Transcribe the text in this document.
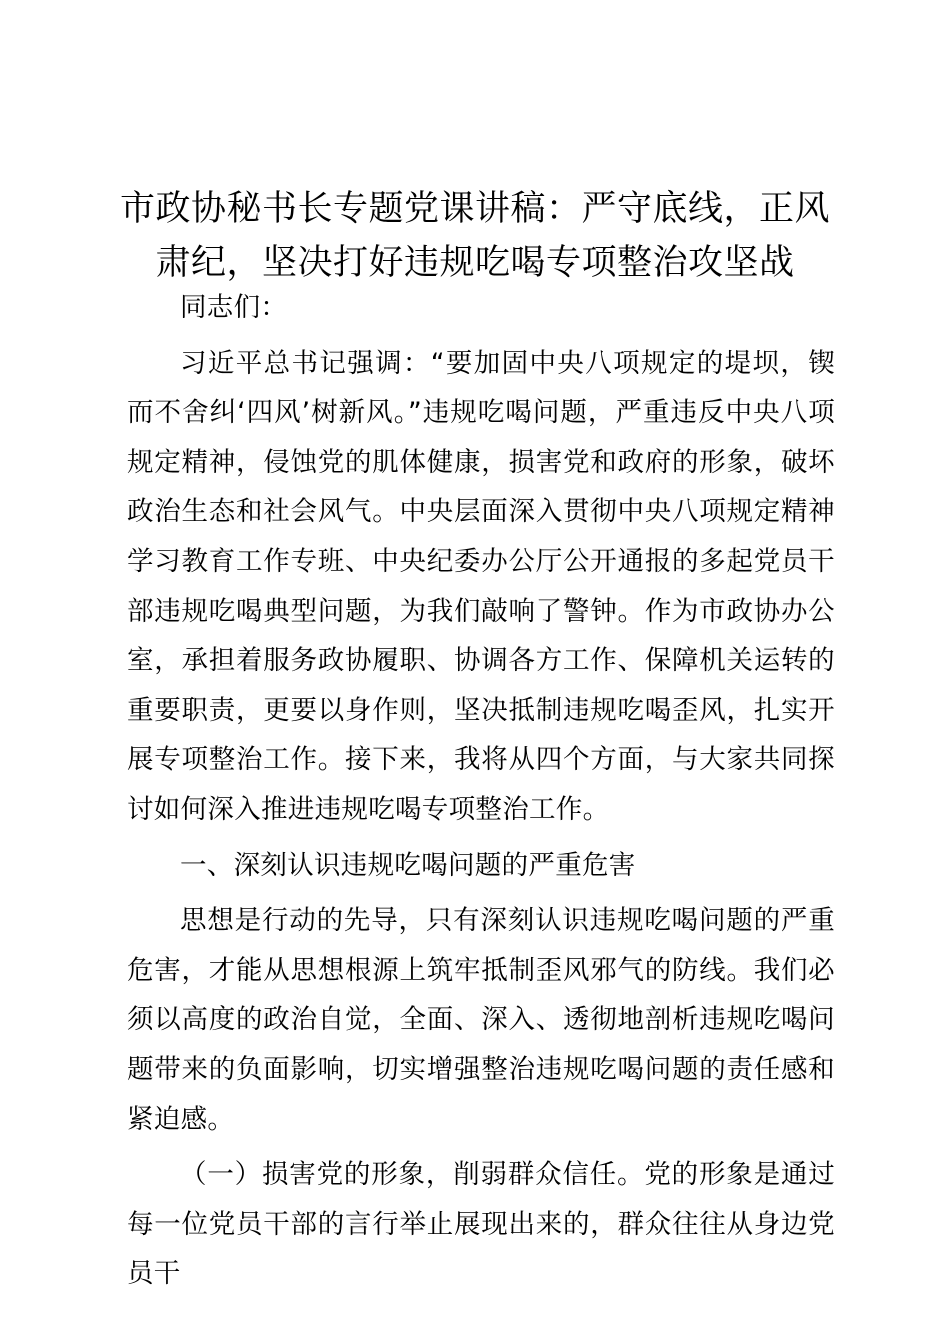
市政协秘书长专题党课讲稿：严守底线，正风肃纪，坚决打好违规吃喝专项整治攻坚战

同志们：

习近平总书记强调：“要加固中央八项规定的堤坝，锲而不舍纠‘四风’树新风。”违规吃喝问题，严重违反中央八项规定精神，侵蚀党的肌体健康，损害党和政府的形象，破坏政治生态和社会风气。中央层面深入贯彻中央八项规定精神学习教育工作专班、中央纪委办公厅公开通报的多起党员干部违规吃喝典型问题，为我们敲响了警钟。作为市政协办公室，承担着服务政协履职、协调各方工作、保障机关运转的重要职责，更要以身作则，坚决抵制违规吃喝歪风，扎实开展专项整治工作。接下来，我将从四个方面，与大家共同探讨如何深入推进违规吃喝专项整治工作。

一、深刻认识违规吃喝问题的严重危害

思想是行动的先导，只有深刻认识违规吃喝问题的严重危害，才能从思想根源上筑牢抵制歪风邪气的防线。我们必须以高度的政治自觉，全面、深入、透彻地剖析违规吃喝问题带来的负面影响，切实增强整治违规吃喝问题的责任感和紧迫感。

（一）损害党的形象，削弱群众信任。党的形象是通过每一位党员干部的言行举止展现出来的，群众往往从身边党员干
